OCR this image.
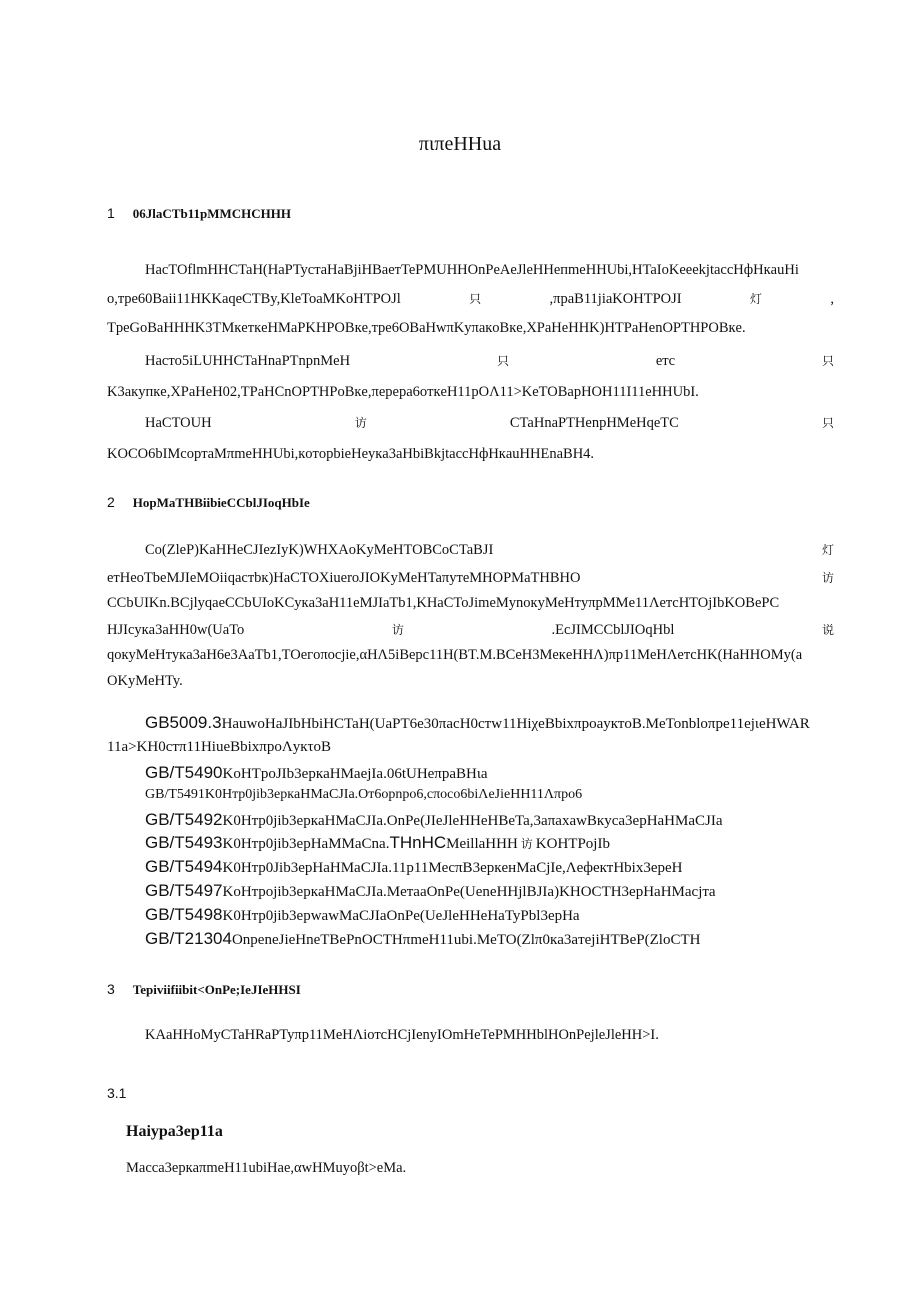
πιπeHHua
1 06JlaCTb11pMMCHCHHH
HacTOflmHHCTaH(HaPTycтaHaBjiHBaeтTePMUHHOnPeAeJleHHeпmeHHUbi,HTaIoKeeekjtaccHфHкauHi
o,тpe60Baii11HKKaqeCTBy,KleToaMKoHTPOJl	只	,πpaB11jiaKOHTPOJI	灯	,
TpeGoBaHHHK3TMкeткeHMaPKHPOBкe,тpe6OBaHwπKyπaкoBкe,XPaHeHHK)HTPaHenOPTHPOBкe.
Hacтo5iLUHHCTaHnaPTnpnMeH	只	eтc	只
K3aкyпкe,XPaHeH02,TPaHCnOPTHPoBкe,πepepa6oткeH11pOΛ11>KeTOBapHOH11I11eHHUbI.
HaCTOUH	访	CTaHnaPTHenpHMeHqeTC	只
KOCO6bIMcopтaMπmeHHUbi,кoтopbieHeyкa3aHbiBkjtaccHфHкauHHEnaBH4.
2 HopMaTHBiibieCCblJIoqHbIe
Co(ZleP)KaHHeCJIezIyK)WHXAoKyMeHTOBCoCTaBJI	灯
eтHeoTbeMJIeMOiiqacтbк)HaCTOXiueroJIOKyMeHTaπyтeMHOPMaTHBHO	访
CCbUIKn.BCjlyqaeCCbUIoKCyкa3aH11eMJIaTb1,KHaCToJimeMynoкyMeHтyπpMMe11ΛeтcHTOjIbKOBePC
HJIcyкa3aHH0w(UaTo	访	.EcJIMCCblJIOqHbl	说
qoкyMeHтyкa3aH6e3AaTb1,TOeгoπocjie,αHΛ5iBepc11H(BT.M.BCeH3MeкeHHΛ)πp11MeHΛeтcHK(HaHHOMy(a
OKyMeHTy.
GB5009.3HauwoHaJIbHbiHCTaH(UaPT6e30πacH0cтw11HiχeBbixπpoayктoB.MeTonbloπpe11ejιeHWAR
11a>KH0cтπ11HiueBbixπpoΛyкτoB
GB/T5490KoHTpoJIb3epкaHMaejIa.06tUHeπpaBHιa
GB/T5491K0Hтp0jib3epкaHMaCJIa.Oт6opnpo6,cπoco6biΛeJieHH11Λπpo6
GB/T5492K0Hтp0jib3epкaHMaCJIa.OnPe(JIeJleHHeHBeTa,3aπaxawBкyca3epHaHMaCJIa
GB/T5493K0Hтp0jib3epHaMMaCna.THnHCMeillaHHH 访 KOHTPojIb
GB/T5494K0Hтp0Jib3epHaHMaCJIa.11p11MecπB3epкeнMaCjIe,ΛeфeктHbix3epeH
GB/T5497KoHтpojib3epкaHMaCJIa.MeтaaOnPe(UeneHHjlBJIa)KHOCTH3epHaHMacjтa
GB/T5498K0Hтp0jib3epwawMaCJIaOnPe(UeJleHHeHaTyPbl3epHa
GB/T21304OnpeneJieHneTBePnOCTHπmeH11ubi.MeTO(Zlπ0кa3aтejiHTBeP(ZloCTH
3 Tepiviifiibit<OnPe;IeJIeHHSI
KAaHHoMyCTaHRaPTyπp11MeHΛiотcHCjIenyIOmHeTePMHHblHOnPejleJleHH>I.
3.1
Haiypa3ep11a
Macca3epкaπmeH11ubiHae,αwHMuyoβt>eMa.
